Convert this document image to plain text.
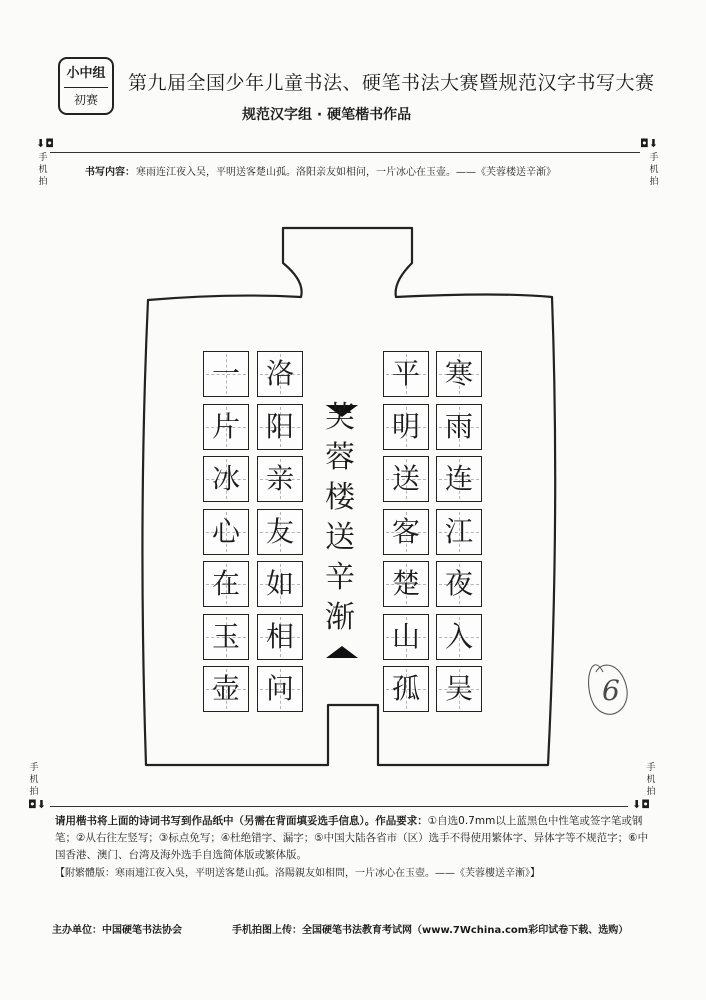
小中组
初赛
第九届全国少年儿童书法、硬笔书法大赛暨规范汉字书写大赛
规范汉字组 · 硬笔楷书作品
⬇◘
手机拍
◘⬇
手机拍
手机拍
◘⬇
手机拍
⬇◘
书写内容： 寒雨连江夜入吴，平明送客楚山孤。洛阳亲友如相问，一片冰心在玉壶。——《芙蓉楼送辛渐》
6
寒
雨
连
江
夜
入
吴
平
明
送
客
楚
山
孤
洛
阳
亲
友
如
相
问
一
片
冰
心
在
玉
壶
芙
蓉
楼
送
辛
渐
请用楷书将上面的诗词书写到作品纸中（另需在背面填妥选手信息）。作品要求：①自选0.7mm以上蓝黑色中性笔或签字笔或钢笔；②从右往左竖写；③标点免写；④杜绝错字、漏字；⑤中国大陆各省市（区）选手不得使用繁体字、异体字等不规范字；⑥中国香港、澳门、台湾及海外选手自选简体版或繁体版。
【附繁體版：寒雨連江夜入吳，平明送客楚山孤。洛陽親友如相問，一片冰心在玉壺。——《芙蓉樓送辛漸》】
主办单位：中国硬笔书法协会	手机拍图上传：全国硬笔书法教育考试网（www.7Wchina.com彩印试卷下载、选购）
